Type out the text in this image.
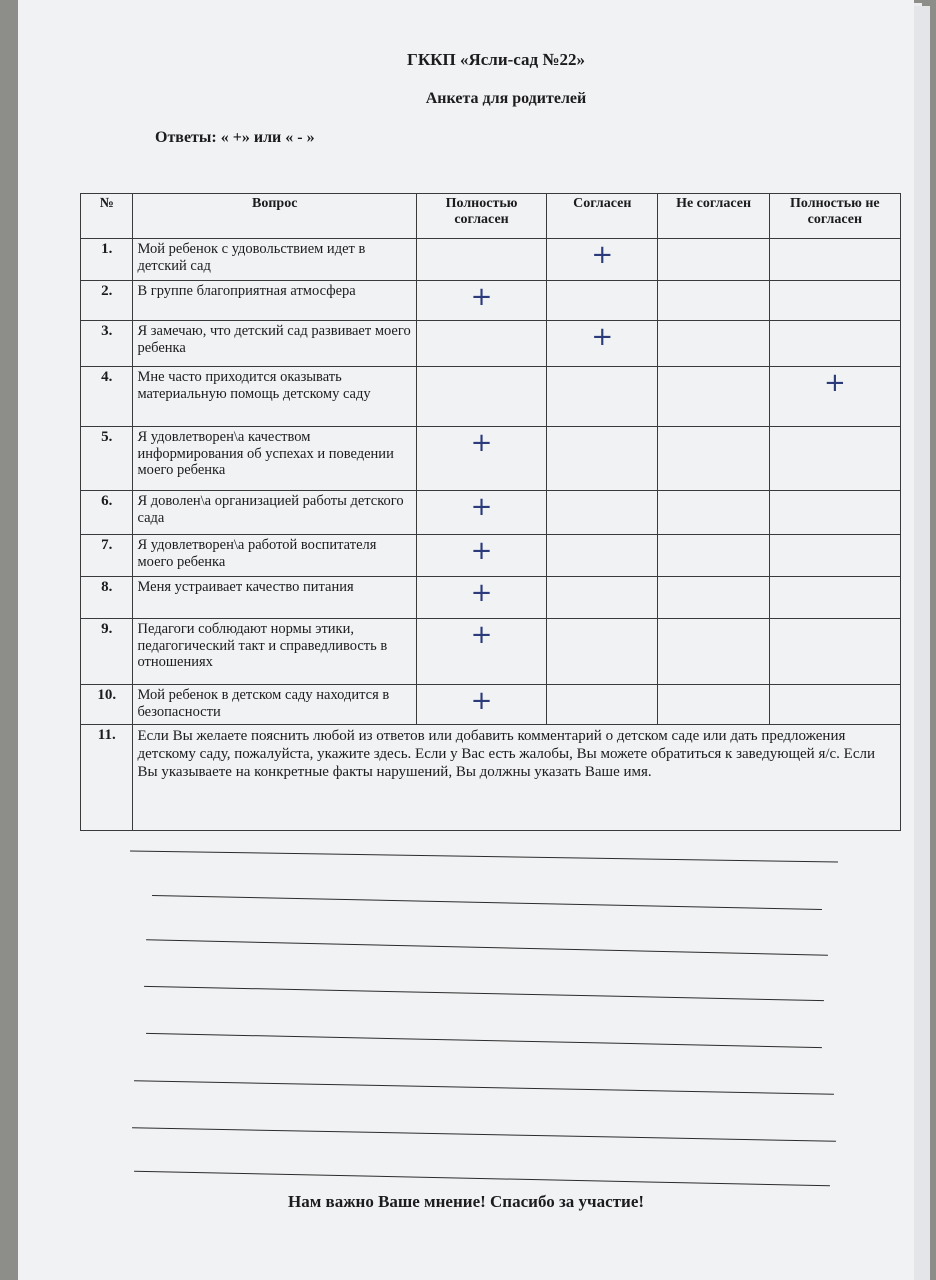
ГККП «Ясли-сад №22»
Анкета для родителей
Ответы: « +» или « - »
№	Вопрос	Полностью согласен	Согласен	Не согласен	Полностью не согласен
1.	Мой ребенок с удовольствием идет в детский сад		+		
2.	В группе благоприятная атмосфера	+			
3.	Я замечаю, что детский сад развивает моего ребенка		+		
4.	Мне часто приходится оказывать материальную помощь детскому саду				+
5.	Я удовлетворен\а качеством информирования об успехах и поведении моего ребенка	+			
6.	Я доволен\а организацией работы детского сада	+			
7.	Я удовлетворен\а работой воспитателя моего ребенка	+			
8.	Меня устраивает качество питания	+			
9.	Педагоги соблюдают нормы этики, педагогический такт и справедливость в отношениях	+			
10.	Мой ребенок в детском саду находится в безопасности	+			
11.	Если Вы желаете пояснить любой из ответов или добавить комментарий о детском саде или дать предложения детскому саду, пожалуйста, укажите здесь. Если у Вас есть жалобы, Вы можете обратиться к заведующей я/с. Если Вы указываете на конкретные факты нарушений, Вы должны указать Ваше имя.				
Нам важно Ваше мнение! Спасибо за участие!
